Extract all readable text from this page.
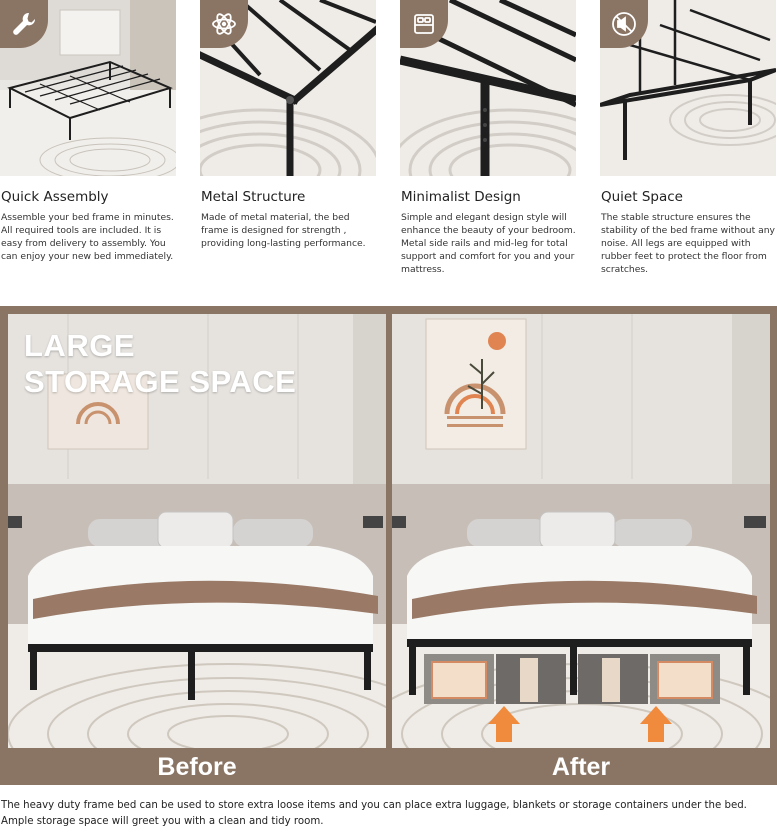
Quick Assembly
Assemble your bed frame in minutes. All required tools are included. It is easy from delivery to assembly. You can enjoy your new bed immediately.
Metal Structure
Made of metal material, the bed frame is designed for strength , providing long-lasting performance.
Minimalist Design
Simple and elegant design style will enhance the beauty of your bedroom. Metal side rails and mid-leg for total support and comfort for you and your mattress.
Quiet Space
The stable structure ensures the stability of the bed frame without any noise. All legs are equipped with rubber feet to protect the floor from scratches.
LARGE
STORAGE SPACE
Before	After
The heavy duty frame bed can be used to store extra loose items and you can place extra luggage, blankets or storage containers under the bed. Ample storage space will greet you with a clean and tidy room.
